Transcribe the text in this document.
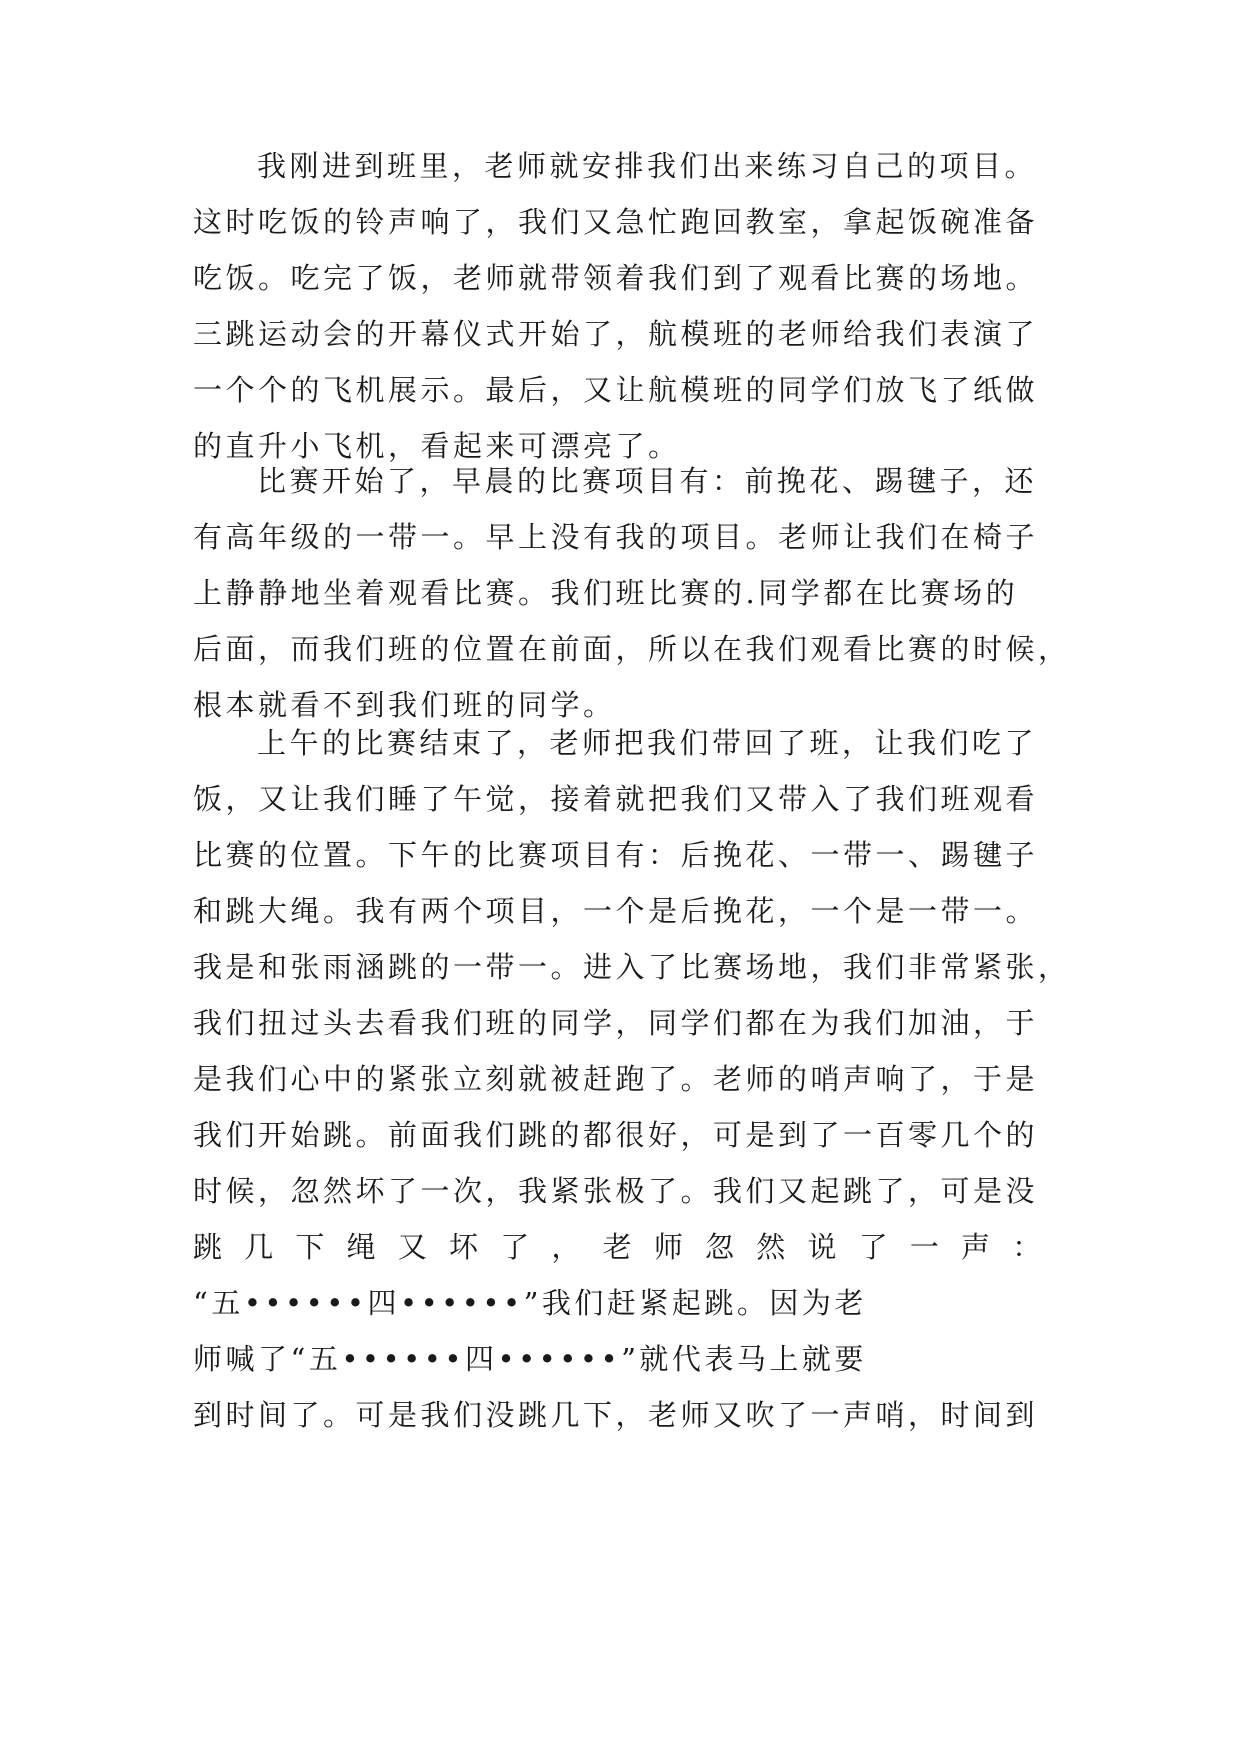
我刚进到班里，老师就安排我们出来练习自己的项目。
这时吃饭的铃声响了，我们又急忙跑回教室，拿起饭碗准备
吃饭。吃完了饭，老师就带领着我们到了观看比赛的场地。
三跳运动会的开幕仪式开始了，航模班的老师给我们表演了
一个个的飞机展示。最后，又让航模班的同学们放飞了纸做
的直升小飞机，看起来可漂亮了。
比赛开始了，早晨的比赛项目有：前挽花、踢毽子，还
有高年级的一带一。早上没有我的项目。老师让我们在椅子
上静静地坐着观看比赛。我们班比赛的.同学都在比赛场的
后面，而我们班的位置在前面，所以在我们观看比赛的时候，
根本就看不到我们班的同学。
上午的比赛结束了，老师把我们带回了班，让我们吃了
饭，又让我们睡了午觉，接着就把我们又带入了我们班观看
比赛的位置。下午的比赛项目有：后挽花、一带一、踢毽子
和跳大绳。我有两个项目，一个是后挽花，一个是一带一。
我是和张雨涵跳的一带一。进入了比赛场地，我们非常紧张，
我们扭过头去看我们班的同学，同学们都在为我们加油，于
是我们心中的紧张立刻就被赶跑了。老师的哨声响了，于是
我们开始跳。前面我们跳的都很好，可是到了一百零几个的
时候，忽然坏了一次，我紧张极了。我们又起跳了，可是没
跳 几 下 绳 又 坏 了 ， 老 师 忽 然 说 了 一 声 ：
“五••••••四••••••”我们赶紧起跳。因为老
师喊了“五••••••四••••••”就代表马上就要
到时间了。可是我们没跳几下，老师又吹了一声哨，时间到
